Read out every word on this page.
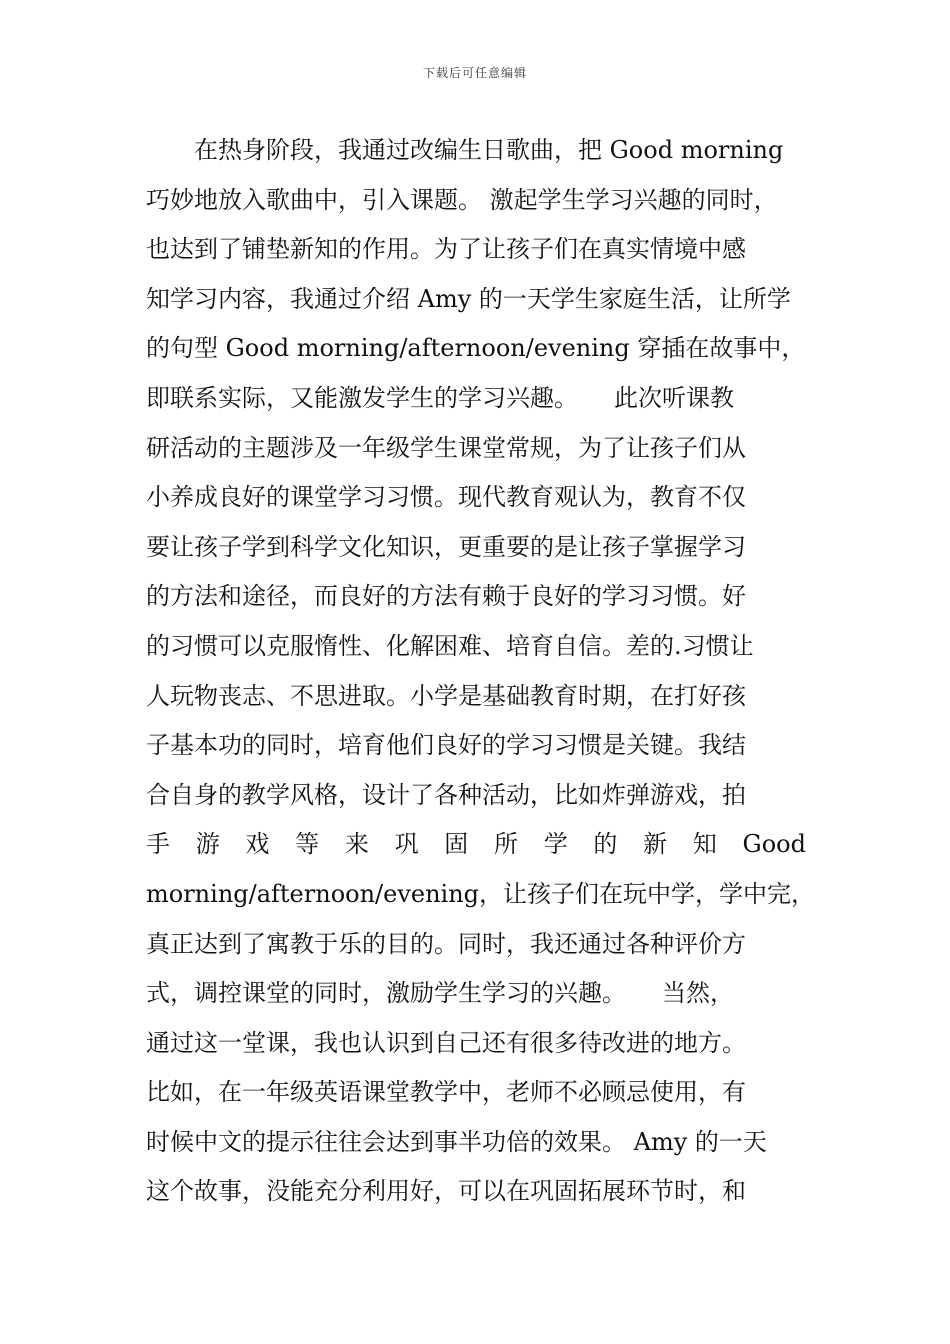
下载后可任意编辑
　　在热身阶段，我通过改编生日歌曲，把 Good morning
巧妙地放入歌曲中，引入课题。 激起学生学习兴趣的同时，
也达到了铺垫新知的作用。为了让孩子们在真实情境中感
知学习内容，我通过介绍 Amy 的一天学生家庭生活，让所学
的句型 Good morning/afternoon/evening 穿插在故事中，
即联系实际，又能激发学生的学习兴趣。　　此次听课教
研活动的主题涉及一年级学生课堂常规，为了让孩子们从
小养成良好的课堂学习习惯。现代教育观认为，教育不仅
要让孩子学到科学文化知识，更重要的是让孩子掌握学习
的方法和途径，而良好的方法有赖于良好的学习习惯。好
的习惯可以克服惰性、化解困难、培育自信。差的.习惯让
人玩物丧志、不思进取。小学是基础教育时期，在打好孩
子基本功的同时，培育他们良好的学习习惯是关键。我结
合自身的教学风格，设计了各种活动，比如炸弹游戏，拍
手 游 戏 等 来 巩 固 所 学 的 新 知 Good
morning/afternoon/evening，让孩子们在玩中学，学中完，
真正达到了寓教于乐的目的。同时，我还通过各种评价方
式，调控课堂的同时，激励学生学习的兴趣。　　当然，
通过这一堂课，我也认识到自己还有很多待改进的地方。
比如，在一年级英语课堂教学中，老师不必顾忌使用，有
时候中文的提示往往会达到事半功倍的效果。 Amy 的一天
这个故事，没能充分利用好，可以在巩固拓展环节时，和
